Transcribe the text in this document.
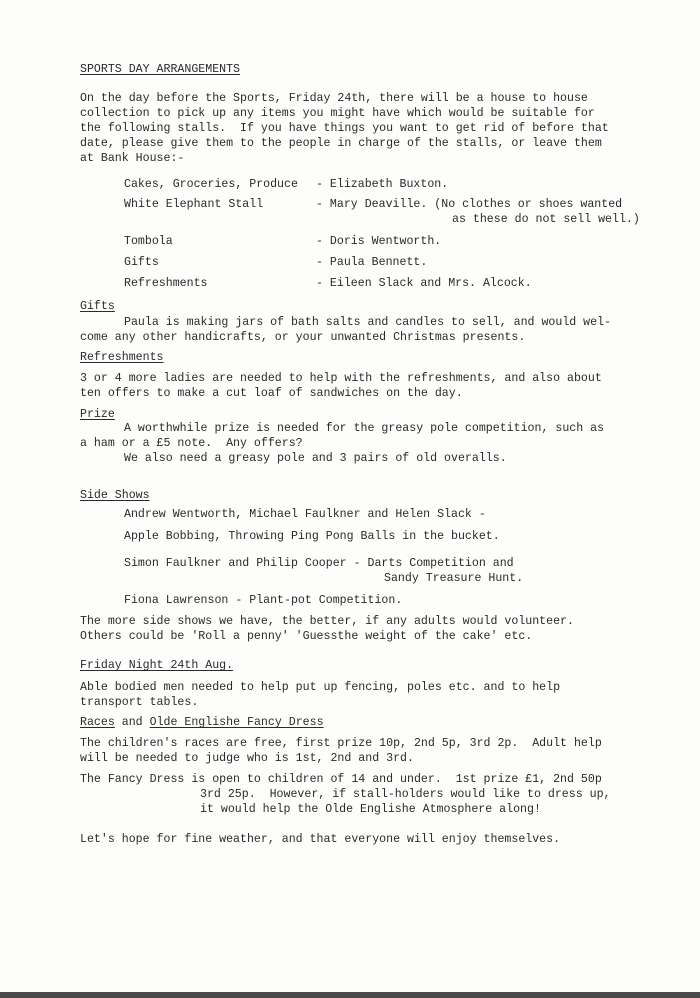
SPORTS DAY ARRANGEMENTS
On the day before the Sports, Friday 24th, there will be a house to house
collection to pick up any items you might have which would be suitable for
the following stalls.  If you have things you want to get rid of before that
date, please give them to the people in charge of the stalls, or leave them
at Bank House:-
Cakes, Groceries, Produce - Elizabeth Buxton.
White Elephant Stall	- Mary Deaville. (No clothes or shoes wanted
as these do not sell well.)
Tombola	- Doris Wentworth.
Gifts	- Paula Bennett.
Refreshments	- Eileen Slack and Mrs. Alcock.
Gifts
Paula is making jars of bath salts and candles to sell, and would wel-
come any other handicrafts, or your unwanted Christmas presents.
Refreshments
3 or 4 more ladies are needed to help with the refreshments, and also about
ten offers to make a cut loaf of sandwiches on the day.
Prize
A worthwhile prize is needed for the greasy pole competition, such as
a ham or a £5 note.  Any offers?
We also need a greasy pole and 3 pairs of old overalls.
Side Shows
Andrew Wentworth, Michael Faulkner and Helen Slack -
Apple Bobbing, Throwing Ping Pong Balls in the bucket.
Simon Faulkner and Philip Cooper - Darts Competition and
Sandy Treasure Hunt.
Fiona Lawrenson - Plant-pot Competition.
The more side shows we have, the better, if any adults would volunteer.
Others could be 'Roll a penny' 'Guessthe weight of the cake' etc.
Friday Night 24th Aug.
Able bodied men needed to help put up fencing, poles etc. and to help
transport tables.
Races and Olde Englishe Fancy Dress
The children's races are free, first prize 10p, 2nd 5p, 3rd 2p.  Adult help
will be needed to judge who is 1st, 2nd and 3rd.
The Fancy Dress is open to children of 14 and under.  1st prize £1, 2nd 50p
3rd 25p.  However, if stall-holders would like to dress up,
it would help the Olde Englishe Atmosphere along!
Let's hope for fine weather, and that everyone will enjoy themselves.
